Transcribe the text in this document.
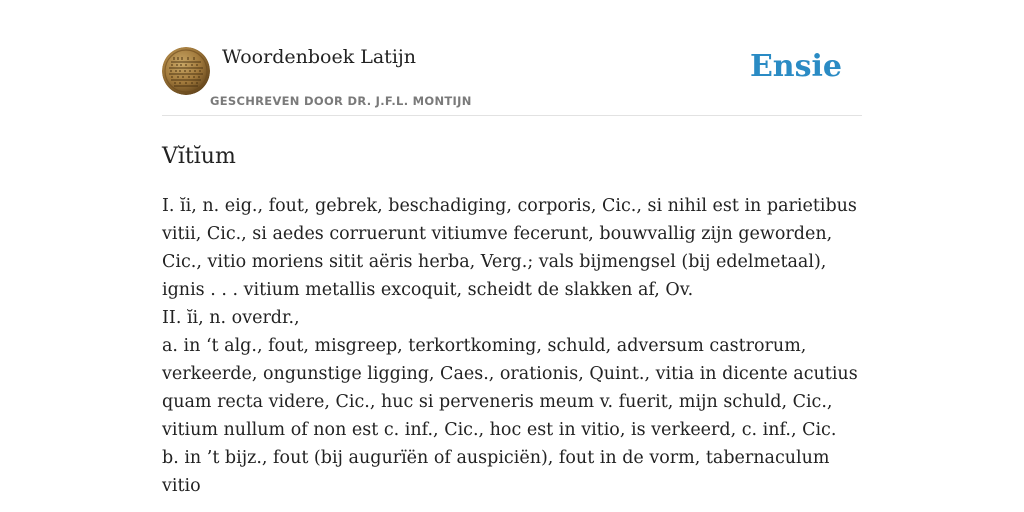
Woordenboek Latijn
GESCHREVEN DOOR DR. J.F.L. MONTIJN
Ensie
Vĭtĭum

I. ĭi, n. eig., fout, gebrek, beschadiging, corporis, Cic., si nihil est in parietibus vitii, Cic., si aedes corruerunt vitiumve fecerunt, bouwvallig zijn geworden, Cic., vitio moriens sitit aëris herba, Verg.; vals bijmengsel (bij edelmetaal), ignis . . . vitium metallis excoquit, scheidt de slakken af, Ov.

II. ĭi, n. overdr.,

a. in ‘t alg., fout, misgreep, terkortkoming, schuld, adversum castrorum, verkeerde, ongunstige ligging, Caes., orationis, Quint., vitia in dicente acutius quam recta videre, Cic., huc si perveneris meum v. fuerit, mijn schuld, Cic., vitium nullum of non est c. inf., Cic., hoc est in vitio, is verkeerd, c. inf., Cic.

b. in ’t bijz., fout (bij augurïën of auspiciën), fout in de vorm, tabernaculum vitio
